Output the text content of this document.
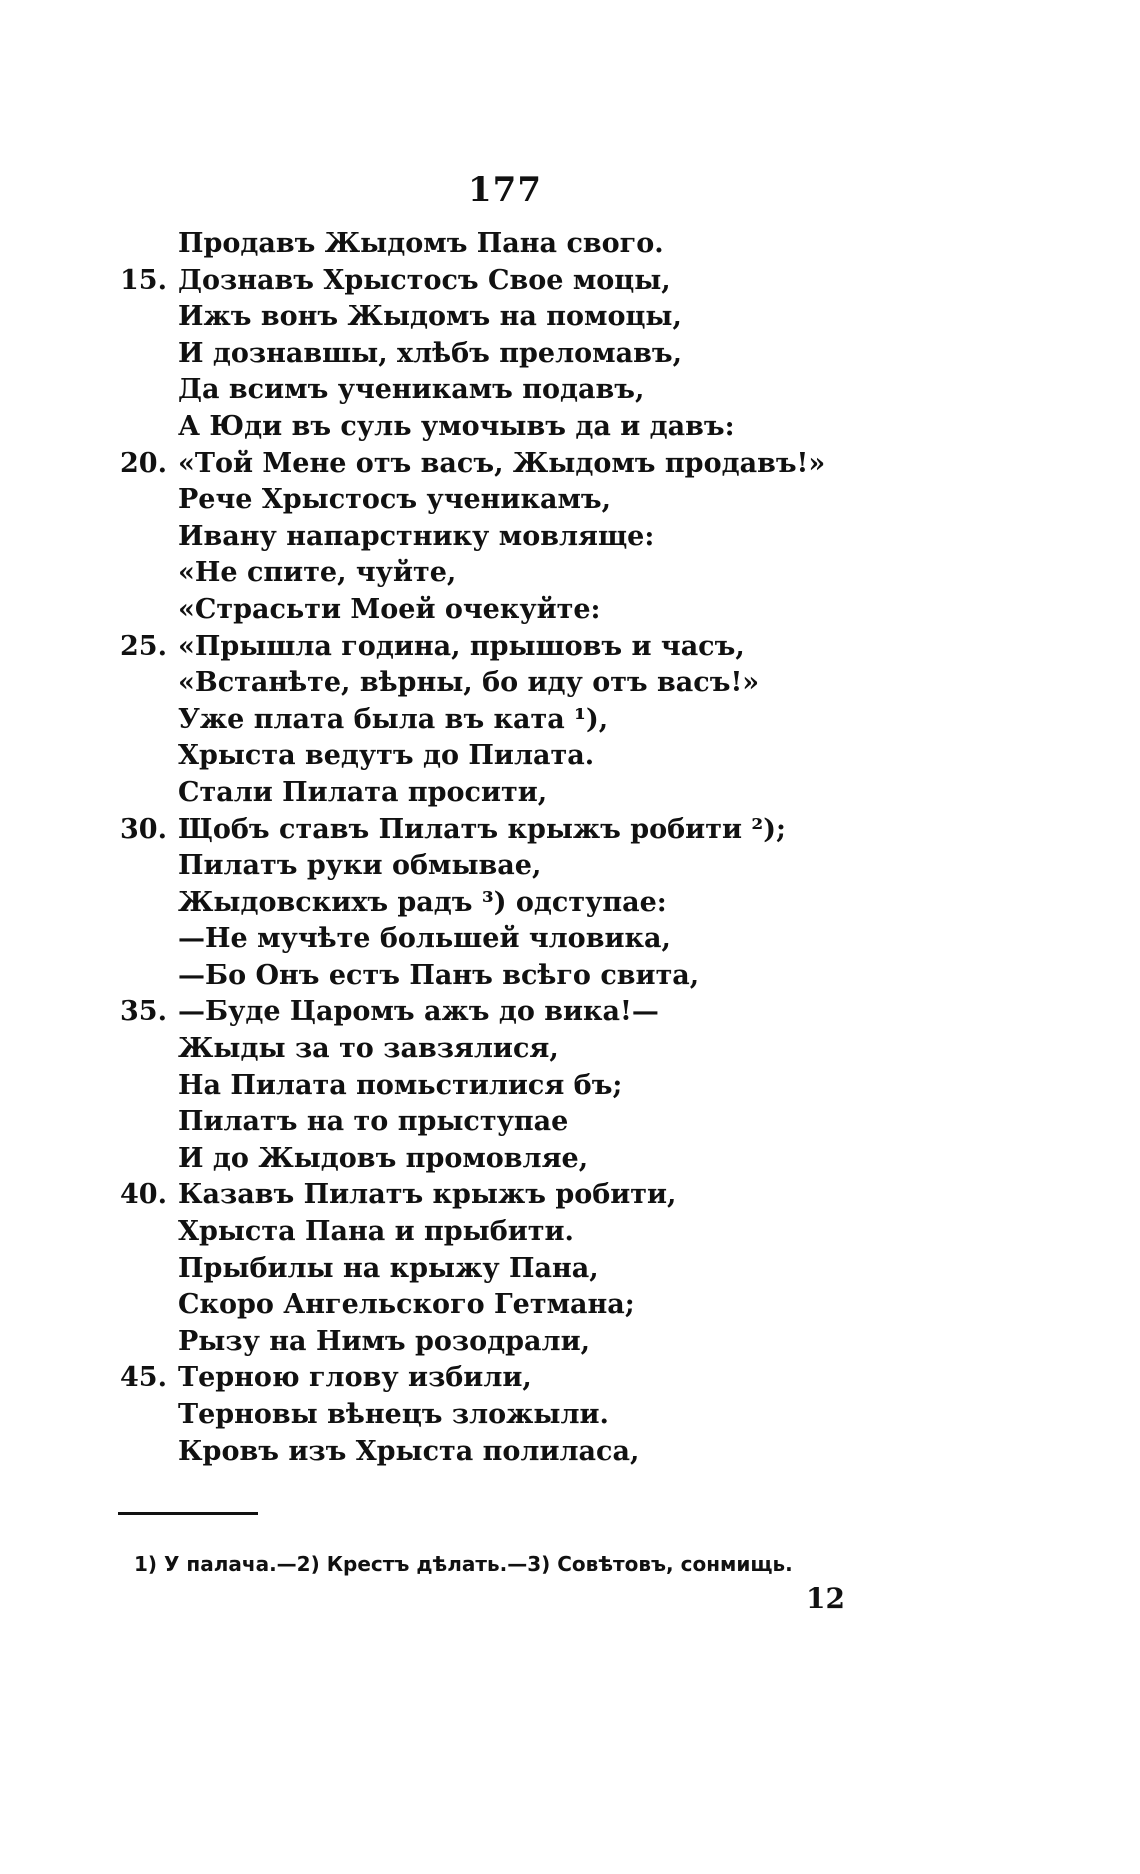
177
Продавъ Жыдомъ Пана свого.
15. Дознавъ Хрыстосъ Свое моцы,
Ижъ вонъ Жыдомъ на помоцы,
И дознавшы, хлѣбъ преломавъ,
Да всимъ ученикамъ подавъ,
А Юди въ суль умочывъ да и давъ:
20. «Той Мене отъ васъ, Жыдомъ продавъ!»
Рече Хрыстосъ ученикамъ,
Ивану напарстнику мовляще:
«Не спите, чуйте,
«Страсьти Моей очекуйте:
25. «Прышла година, прышовъ и часъ,
«Встанѣте, вѣрны, бо иду отъ васъ!»
Уже плата была въ ката ¹),
Хрыста ведутъ до Пилата.
Стали Пилата просити,
30. Щобъ ставъ Пилатъ крыжъ робити ²);
Пилатъ руки обмывае,
Жыдовскихъ радъ ³) одступае:
—Не мучѣте большей чловика,
—Бо Онъ естъ Панъ всѣго свита,
35. —Буде Царомъ ажъ до вика!—
Жыды за то завзялися,
На Пилата помьстилися бъ;
Пилатъ на то прыступае
И до Жыдовъ промовляе,
40. Казавъ Пилатъ крыжъ робити,
Хрыста Пана и прыбити.
Прыбилы на крыжу Пана,
Скоро Ангельского Гетмана;
Рызу на Нимъ розодрали,
45. Терною глову избили,
Терновы вѣнецъ зложыли.
Кровъ изъ Хрыста полиласа,
1) У палача.—2) Крестъ дѣлать.—3) Совѣтовъ, сонмищь.
12
